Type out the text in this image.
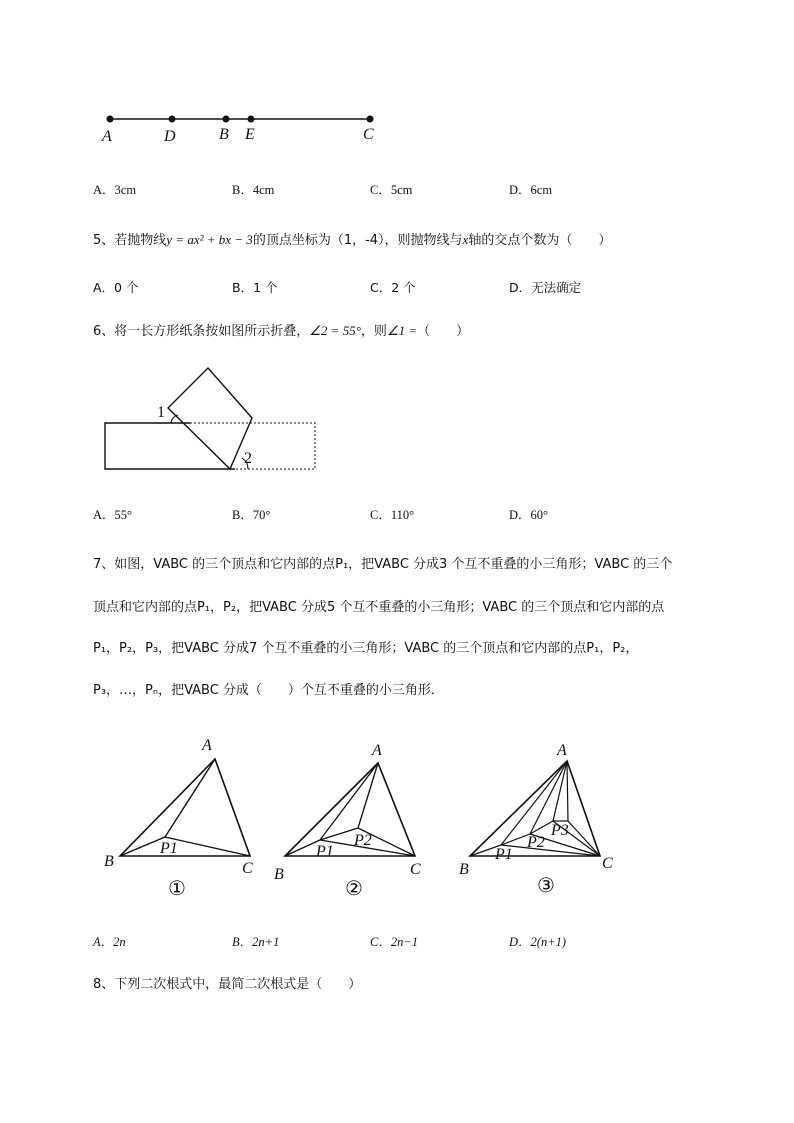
A	D	B E	C
A．3cm	B．4cm	C．5cm	D．6cm
5、若抛物线y = ax² + bx − 3的顶点坐标为（1，-4），则抛物线与x轴的交点个数为（　　）
A．0 个	B．1 个	C．2 个	D．无法确定
6、将一长方形纸条按如图所示折叠，∠2 = 55°，则∠1 =（　　）
1
2
A．55°	B．70°	C．110°	D．60°
7、如图，VABC 的三个顶点和它内部的点P₁，把VABC 分成3 个互不重叠的小三角形；VABC 的三个
顶点和它内部的点P₁，P₂，把VABC 分成5 个互不重叠的小三角形；VABC 的三个顶点和它内部的点
P₁，P₂，P₃，把VABC 分成7 个互不重叠的小三角形；VABC 的三个顶点和它内部的点P₁，P₂，
P₃，…，Pₙ，把VABC 分成（　　）个互不重叠的小三角形．
A
B	C
P1
①
A
B	C
P1
P2
②
A
B	C
P1
P2
P3
③
A．2n	B．2n+1	C．2n−1	D．2(n+1)
8、下列二次根式中，最简二次根式是（　　）
